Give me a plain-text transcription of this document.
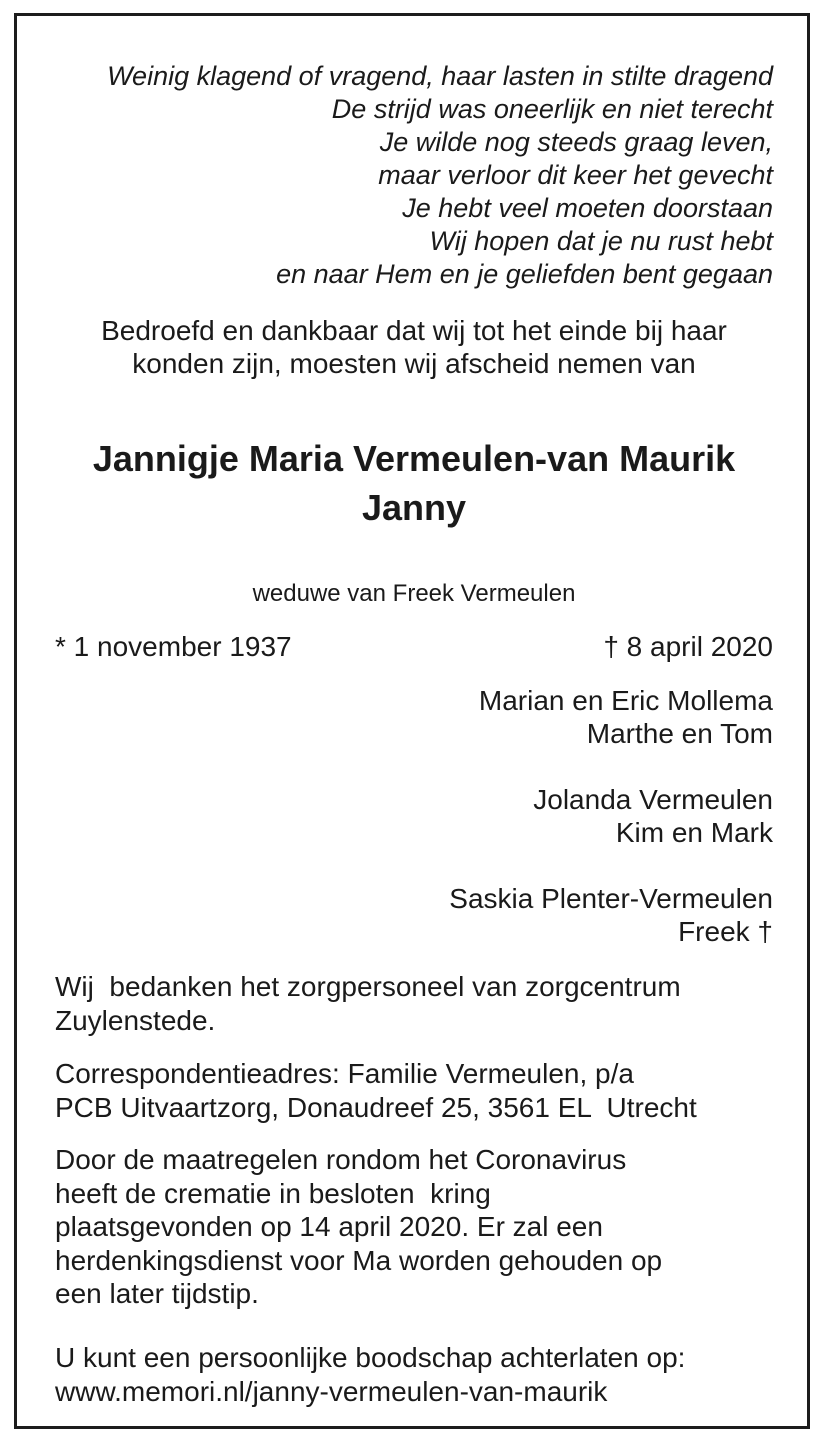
Weinig klagend of vragend, haar lasten in stilte dragend
De strijd was oneerlijk en niet terecht
Je wilde nog steeds graag leven,
maar verloor dit keer het gevecht
Je hebt veel moeten doorstaan
Wij hopen dat je nu rust hebt
en naar Hem en je geliefden bent gegaan
Bedroefd en dankbaar dat wij tot het einde bij haar
konden zijn, moesten wij afscheid nemen van
Jannigje Maria Vermeulen-van Maurik
Janny
weduwe van Freek Vermeulen
* 1 november 1937	† 8 april 2020
Marian en Eric Mollema
Marthe en Tom
Jolanda Vermeulen
Kim en Mark
Saskia Plenter-Vermeulen
Freek †
Wij  bedanken het zorgpersoneel van zorgcentrum
Zuylenstede.
Correspondentieadres: Familie Vermeulen, p/a
PCB Uitvaartzorg, Donaudreef 25, 3561 EL  Utrecht
Door de maatregelen rondom het Coronavirus
heeft de crematie in besloten  kring
plaatsgevonden op 14 april 2020. Er zal een
herdenkingsdienst voor Ma worden gehouden op
een later tijdstip.
U kunt een persoonlijke boodschap achterlaten op:
www.memori.nl/janny-vermeulen-van-maurik
